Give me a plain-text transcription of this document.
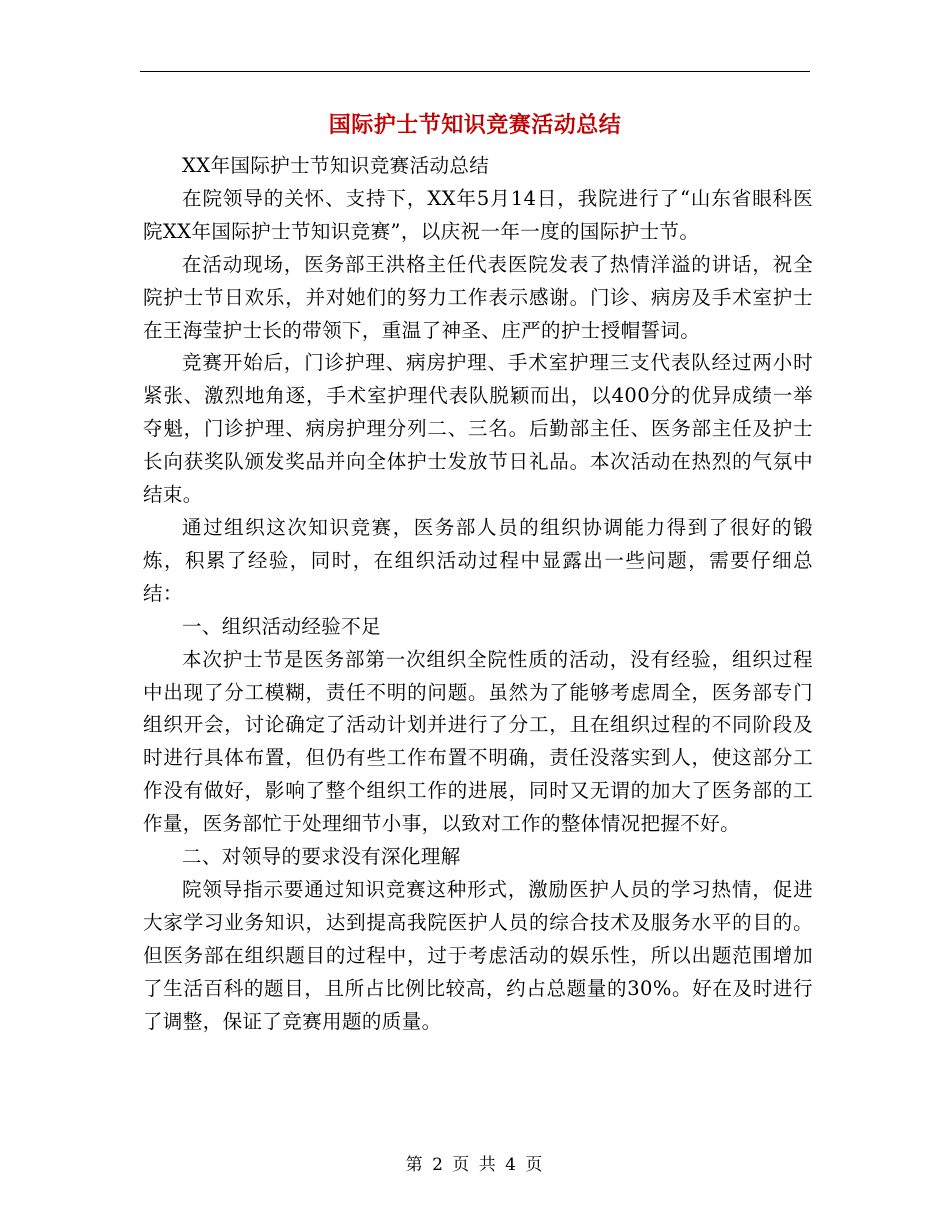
国际护士节知识竞赛活动总结

XX年国际护士节知识竞赛活动总结

在院领导的关怀、支持下，XX年5月14日，我院进行了“山东省眼科医院XX年国际护士节知识竞赛”，以庆祝一年一度的国际护士节。

在活动现场，医务部王洪格主任代表医院发表了热情洋溢的讲话，祝全院护士节日欢乐，并对她们的努力工作表示感谢。门诊、病房及手术室护士在王海莹护士长的带领下，重温了神圣、庄严的护士授帽誓词。

竞赛开始后，门诊护理、病房护理、手术室护理三支代表队经过两小时紧张、激烈地角逐，手术室护理代表队脱颖而出，以400分的优异成绩一举夺魁，门诊护理、病房护理分列二、三名。后勤部主任、医务部主任及护士长向获奖队颁发奖品并向全体护士发放节日礼品。本次活动在热烈的气氛中结束。

通过组织这次知识竞赛，医务部人员的组织协调能力得到了很好的锻炼，积累了经验，同时，在组织活动过程中显露出一些问题，需要仔细总结：

一、组织活动经验不足

本次护士节是医务部第一次组织全院性质的活动，没有经验，组织过程中出现了分工模糊，责任不明的问题。虽然为了能够考虑周全，医务部专门组织开会，讨论确定了活动计划并进行了分工，且在组织过程的不同阶段及时进行具体布置，但仍有些工作布置不明确，责任没落实到人，使这部分工作没有做好，影响了整个组织工作的进展，同时又无谓的加大了医务部的工作量，医务部忙于处理细节小事，以致对工作的整体情况把握不好。

二、对领导的要求没有深化理解

院领导指示要通过知识竞赛这种形式，激励医护人员的学习热情，促进大家学习业务知识，达到提高我院医护人员的综合技术及服务水平的目的。但医务部在组织题目的过程中，过于考虑活动的娱乐性，所以出题范围增加了生活百科的题目，且所占比例比较高，约占总题量的30%。好在及时进行了调整，保证了竞赛用题的质量。

第 2 页 共 4 页
